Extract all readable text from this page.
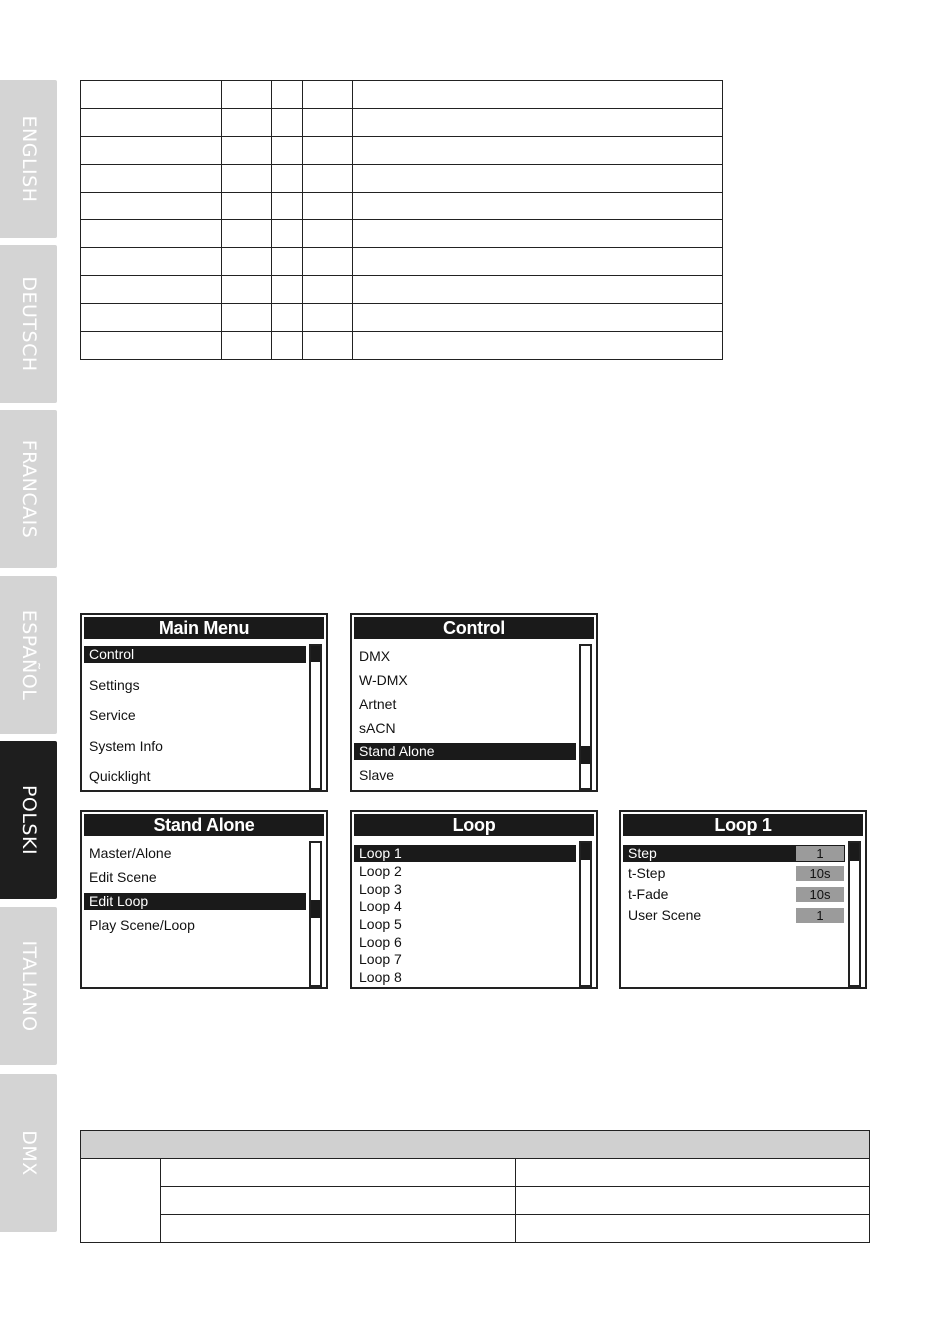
ENGLISH
DEUTSCH
FRANCAIS
ESPAÑOL
POLSKI
ITALIANO
DMX

Main Menu
Control
Settings
Service
System Info
Quicklight
Control
DMX
W-DMX
Artnet
sACN
Stand Alone
Slave
Stand Alone
Master/Alone
Edit Scene
Edit Loop
Play Scene/Loop
Loop
Loop 1
Loop 2
Loop 3
Loop 4
Loop 5
Loop 6
Loop 7
Loop 8
Loop 1
Step	1
t-Step	10s
t-Fade	10s
User Scene	1
